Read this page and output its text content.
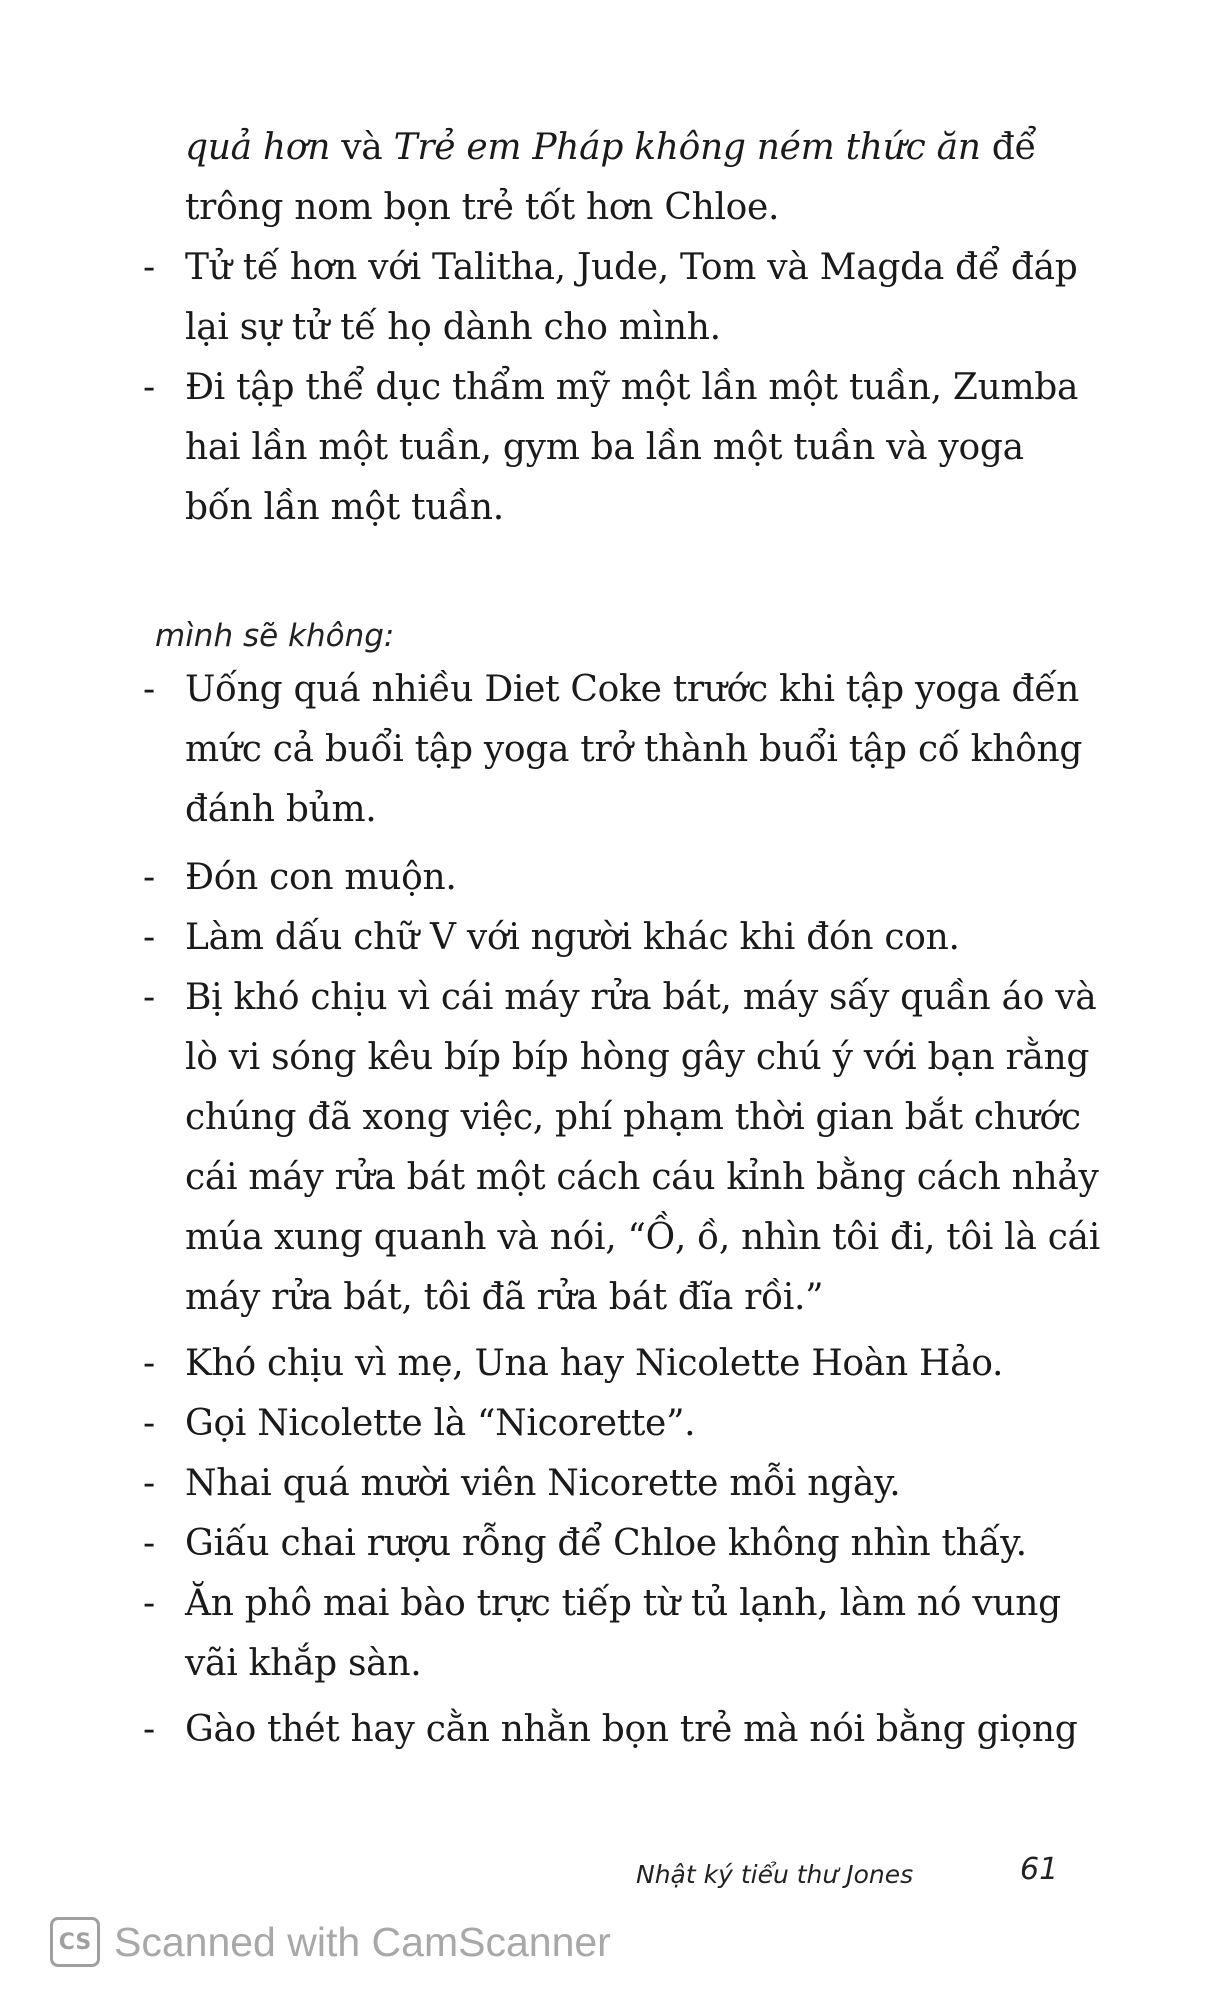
quả hơn và Trẻ em Pháp không ném thức ăn để
trông nom bọn trẻ tốt hơn Chloe.
- Tử tế hơn với Talitha, Jude, Tom và Magda để đáp
lại sự tử tế họ dành cho mình.
- Đi tập thể dục thẩm mỹ một lần một tuần, Zumba
hai lần một tuần, gym ba lần một tuần và yoga
bốn lần một tuần.
mình sẽ không:
- Uống quá nhiều Diet Coke trước khi tập yoga đến
mức cả buổi tập yoga trở thành buổi tập cố không
đánh bủm.
- Đón con muộn.
- Làm dấu chữ V với người khác khi đón con.
- Bị khó chịu vì cái máy rửa bát, máy sấy quần áo và
lò vi sóng kêu bíp bíp hòng gây chú ý với bạn rằng
chúng đã xong việc, phí phạm thời gian bắt chước
cái máy rửa bát một cách cáu kỉnh bằng cách nhảy
múa xung quanh và nói, “Ồ, ồ, nhìn tôi đi, tôi là cái
máy rửa bát, tôi đã rửa bát đĩa rồi.”
- Khó chịu vì mẹ, Una hay Nicolette Hoàn Hảo.
- Gọi Nicolette là “Nicorette”.
- Nhai quá mười viên Nicorette mỗi ngày.
- Giấu chai rượu rỗng để Chloe không nhìn thấy.
- Ăn phô mai bào trực tiếp từ tủ lạnh, làm nó vung
vãi khắp sàn.
- Gào thét hay cằn nhằn bọn trẻ mà nói bằng giọng
Nhật ký tiểu thư Jones	61
CS Scanned with CamScanner
